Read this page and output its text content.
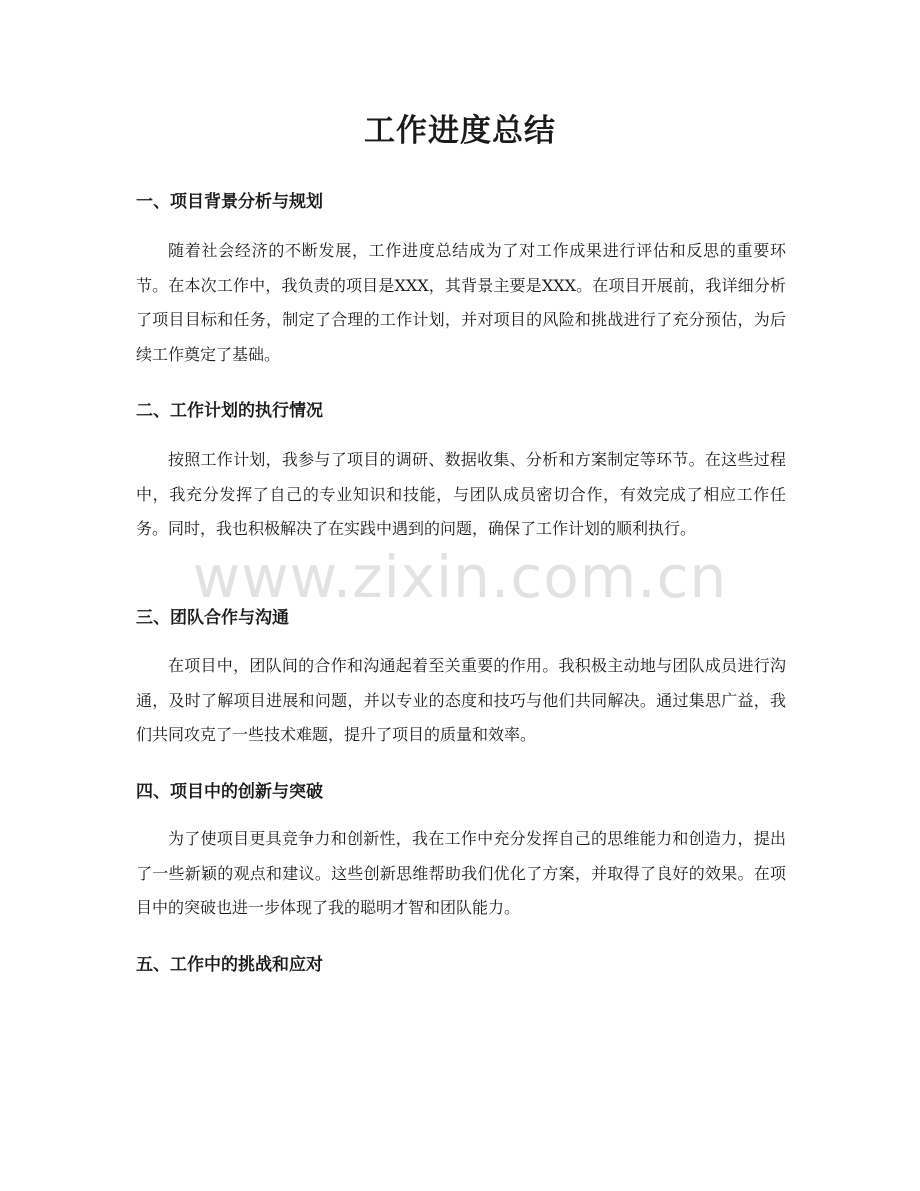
工作进度总结
一、项目背景分析与规划

随着社会经济的不断发展，工作进度总结成为了对工作成果进行评估和反思的重要环节。在本次工作中，我负责的项目是XXX，其背景主要是XXX。在项目开展前，我详细分析了项目目标和任务，制定了合理的工作计划，并对项目的风险和挑战进行了充分预估，为后续工作奠定了基础。

二、工作计划的执行情况

按照工作计划，我参与了项目的调研、数据收集、分析和方案制定等环节。在这些过程中，我充分发挥了自己的专业知识和技能，与团队成员密切合作，有效完成了相应工作任务。同时，我也积极解决了在实践中遇到的问题，确保了工作计划的顺利执行。

三、团队合作与沟通

在项目中，团队间的合作和沟通起着至关重要的作用。我积极主动地与团队成员进行沟通，及时了解项目进展和问题，并以专业的态度和技巧与他们共同解决。通过集思广益，我们共同攻克了一些技术难题，提升了项目的质量和效率。

四、项目中的创新与突破

为了使项目更具竞争力和创新性，我在工作中充分发挥自己的思维能力和创造力，提出了一些新颖的观点和建议。这些创新思维帮助我们优化了方案，并取得了良好的效果。在项目中的突破也进一步体现了我的聪明才智和团队能力。

五、工作中的挑战和应对
www.zixin.com.cn
